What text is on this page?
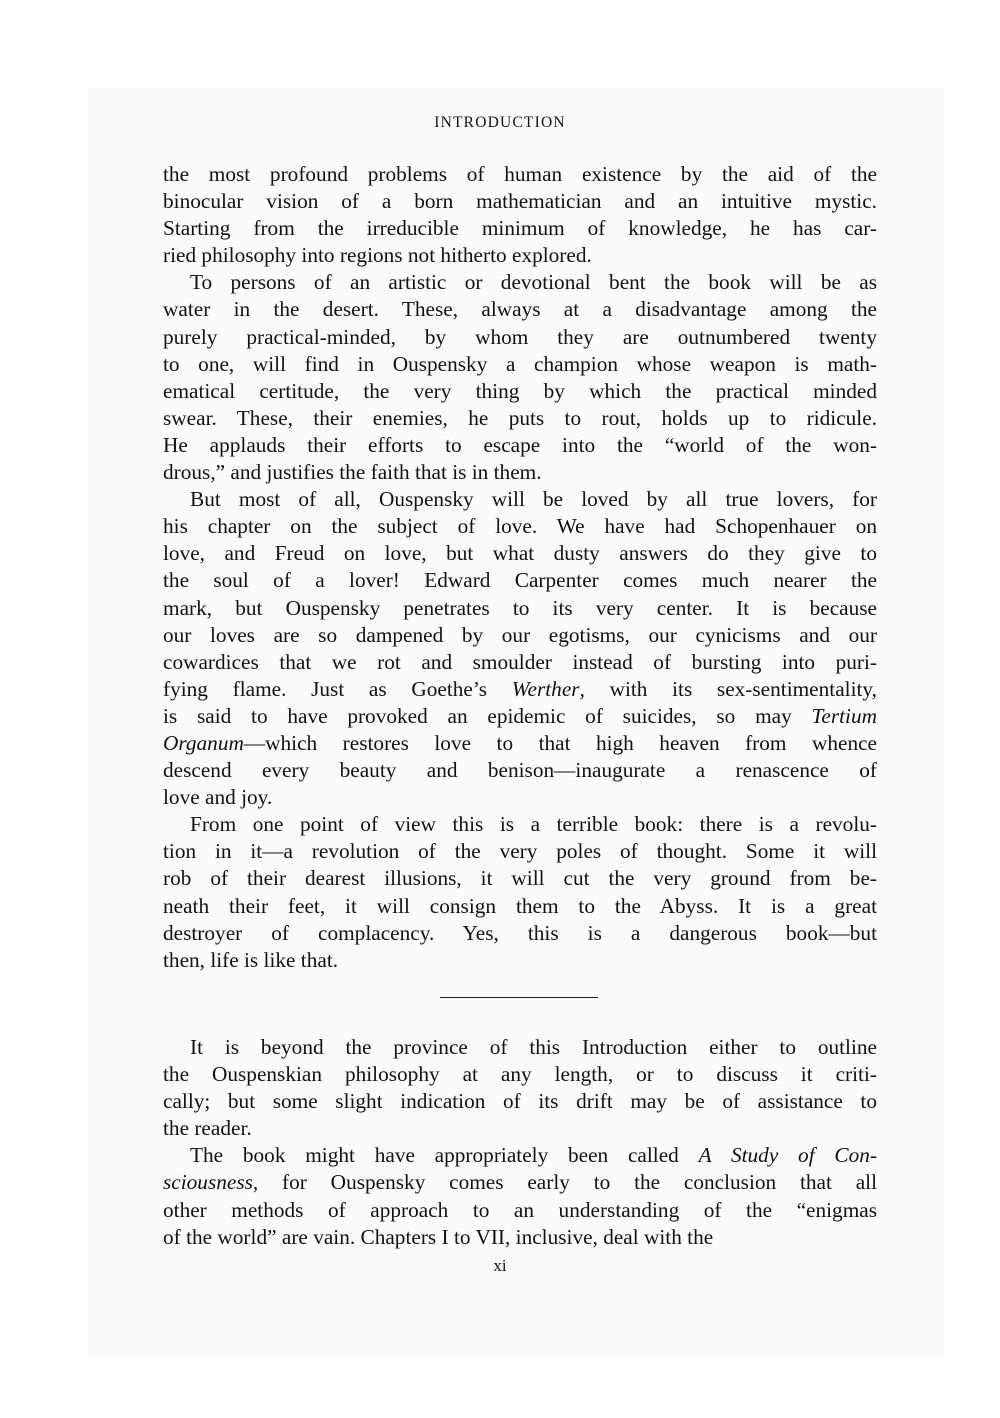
INTRODUCTION
the most profound problems of human existence by the aid of the
binocular vision of a born mathematician and an intuitive mystic.
Starting from the irreducible minimum of knowledge, he has car-
ried philosophy into regions not hitherto explored.
To persons of an artistic or devotional bent the book will be as
water in the desert. These, always at a disadvantage among the
purely practical-minded, by whom they are outnumbered twenty
to one, will find in Ouspensky a champion whose weapon is math-
ematical certitude, the very thing by which the practical minded
swear. These, their enemies, he puts to rout, holds up to ridicule.
He applauds their efforts to escape into the “world of the won-
drous,” and justifies the faith that is in them.
But most of all, Ouspensky will be loved by all true lovers, for
his chapter on the subject of love. We have had Schopenhauer on
love, and Freud on love, but what dusty answers do they give to
the soul of a lover! Edward Carpenter comes much nearer the
mark, but Ouspensky penetrates to its very center. It is because
our loves are so dampened by our egotisms, our cynicisms and our
cowardices that we rot and smoulder instead of bursting into puri-
fying flame. Just as Goethe’s Werther, with its sex-sentimentality,
is said to have provoked an epidemic of suicides, so may Tertium
Organum—which restores love to that high heaven from whence
descend every beauty and benison—inaugurate a renascence of
love and joy.
From one point of view this is a terrible book: there is a revolu-
tion in it—a revolution of the very poles of thought. Some it will
rob of their dearest illusions, it will cut the very ground from be-
neath their feet, it will consign them to the Abyss. It is a great
destroyer of complacency. Yes, this is a dangerous book—but
then, life is like that.
It is beyond the province of this Introduction either to outline
the Ouspenskian philosophy at any length, or to discuss it criti-
cally; but some slight indication of its drift may be of assistance to
the reader.
The book might have appropriately been called A Study of Con-
sciousness, for Ouspensky comes early to the conclusion that all
other methods of approach to an understanding of the “enigmas
of the world” are vain. Chapters I to VII, inclusive, deal with the
xi
